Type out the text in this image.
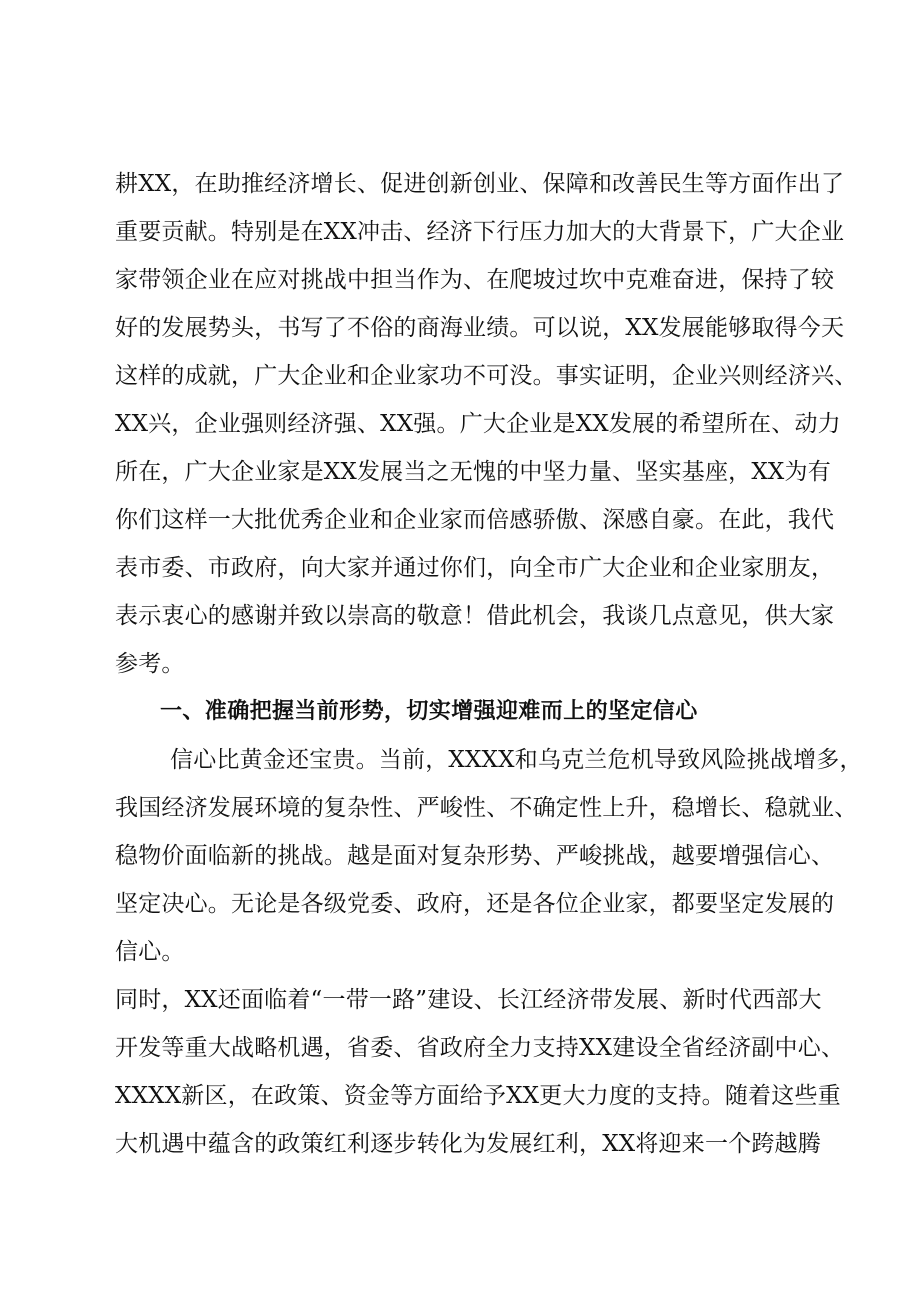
耕XX，在助推经济增长、促进创新创业、保障和改善民生等方面作出了
重要贡献。特别是在XX冲击、经济下行压力加大的大背景下，广大企业
家带领企业在应对挑战中担当作为、在爬坡过坎中克难奋进，保持了较
好的发展势头，书写了不俗的商海业绩。可以说，XX发展能够取得今天
这样的成就，广大企业和企业家功不可没。事实证明，企业兴则经济兴、
XX兴，企业强则经济强、XX强。广大企业是XX发展的希望所在、动力
所在，广大企业家是XX发展当之无愧的中坚力量、坚实基座，XX为有
你们这样一大批优秀企业和企业家而倍感骄傲、深感自豪。在此，我代
表市委、市政府，向大家并通过你们，向全市广大企业和企业家朋友，
表示衷心的感谢并致以崇高的敬意！借此机会，我谈几点意见，供大家
参考。
一、准确把握当前形势，切实增强迎难而上的坚定信心
信心比黄金还宝贵。当前，XXXX和乌克兰危机导致风险挑战增多，
我国经济发展环境的复杂性、严峻性、不确定性上升，稳增长、稳就业、
稳物价面临新的挑战。越是面对复杂形势、严峻挑战，越要增强信心、
坚定决心。无论是各级党委、政府，还是各位企业家，都要坚定发展的
信心。
同时，XX还面临着“一带一路”建设、长江经济带发展、新时代西部大
开发等重大战略机遇，省委、省政府全力支持XX建设全省经济副中心、
XXXX新区，在政策、资金等方面给予XX更大力度的支持。随着这些重
大机遇中蕴含的政策红利逐步转化为发展红利，XX将迎来一个跨越腾
